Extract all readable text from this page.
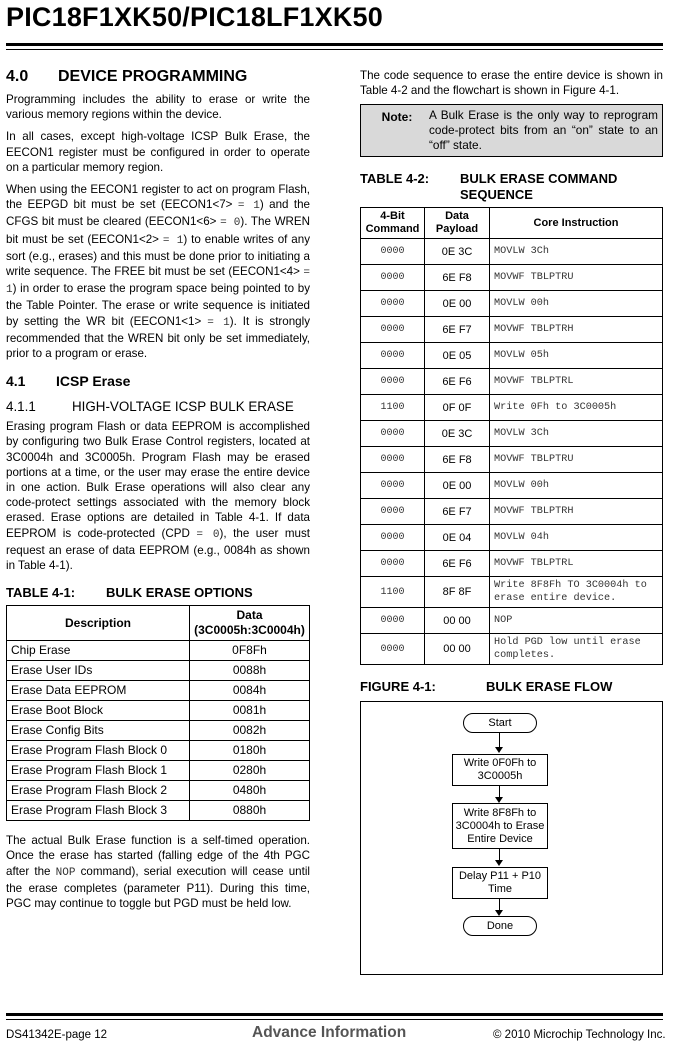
PIC18F1XK50/PIC18LF1XK50
4.0	DEVICE PROGRAMMING

Programming includes the ability to erase or write the various memory regions within the device.

In all cases, except high-voltage ICSP Bulk Erase, the EECON1 register must be configured in order to operate on a particular memory region.

When using the EECON1 register to act on program Flash, the EEPGD bit must be set (EECON1<7> = 1) and the CFGS bit must be cleared (EECON1<6> = 0). The WREN bit must be set (EECON1<2> = 1) to enable writes of any sort (e.g., erases) and this must be done prior to initiating a write sequence. The FREE bit must be set (EECON1<4> = 1) in order to erase the program space being pointed to by the Table Pointer. The erase or write sequence is initiated by setting the WR bit (EECON1<1> = 1). It is strongly recommended that the WREN bit only be set immediately, prior to a program or erase.

4.1	ICSP Erase
4.1.1	HIGH-VOLTAGE ICSP BULK ERASE

Erasing program Flash or data EEPROM is accomplished by configuring two Bulk Erase Control registers, located at 3C0004h and 3C0005h. Program Flash may be erased portions at a time, or the user may erase the entire device in one action. Bulk Erase operations will also clear any code-protect settings associated with the memory block erased. Erase options are detailed in Table 4-1. If data EEPROM is code-protected (CPD = 0), the user must request an erase of data EEPROM (e.g., 0084h as shown in Table 4-1).

TABLE 4-1:	BULK ERASE OPTIONS
Description	Data
(3C0005h:3C0004h)
Chip Erase	0F8Fh
Erase User IDs	0088h
Erase Data EEPROM	0084h
Erase Boot Block	0081h
Erase Config Bits	0082h
Erase Program Flash Block 0	0180h
Erase Program Flash Block 1	0280h
Erase Program Flash Block 2	0480h
Erase Program Flash Block 3	0880h

The actual Bulk Erase function is a self-timed operation. Once the erase has started (falling edge of the 4th PGC after the NOP command), serial execution will cease until the erase completes (parameter P11). During this time, PGC may continue to toggle but PGD must be held low.

The code sequence to erase the entire device is shown in Table 4-2 and the flowchart is shown in Figure 4-1.

Note:	A Bulk Erase is the only way to reprogram code-protect bits from an “on” state to an “off” state.
TABLE 4-2:	BULK ERASE COMMAND SEQUENCE
4-Bit
Command	Data
Payload	Core Instruction
0000	0E 3C	MOVLW 3Ch
0000	6E F8	MOVWF TBLPTRU
0000	0E 00	MOVLW 00h
0000	6E F7	MOVWF TBLPTRH
0000	0E 05	MOVLW 05h
0000	6E F6	MOVWF TBLPTRL
1100	0F 0F	Write 0Fh to 3C0005h
0000	0E 3C	MOVLW 3Ch
0000	6E F8	MOVWF TBLPTRU
0000	0E 00	MOVLW 00h
0000	6E F7	MOVWF TBLPTRH
0000	0E 04	MOVLW 04h
0000	6E F6	MOVWF TBLPTRL
1100	8F 8F	Write 8F8Fh TO 3C0004h to erase entire device.
0000	00 00	NOP
0000	00 00	Hold PGD low until erase completes.
FIGURE 4-1:	BULK ERASE FLOW
Start
Write 0F0Fh to 3C0005h
Write 8F8Fh to 3C0004h to Erase Entire Device
Delay P11 + P10 Time
Done
DS41342E-page 12	Advance Information	© 2010 Microchip Technology Inc.
